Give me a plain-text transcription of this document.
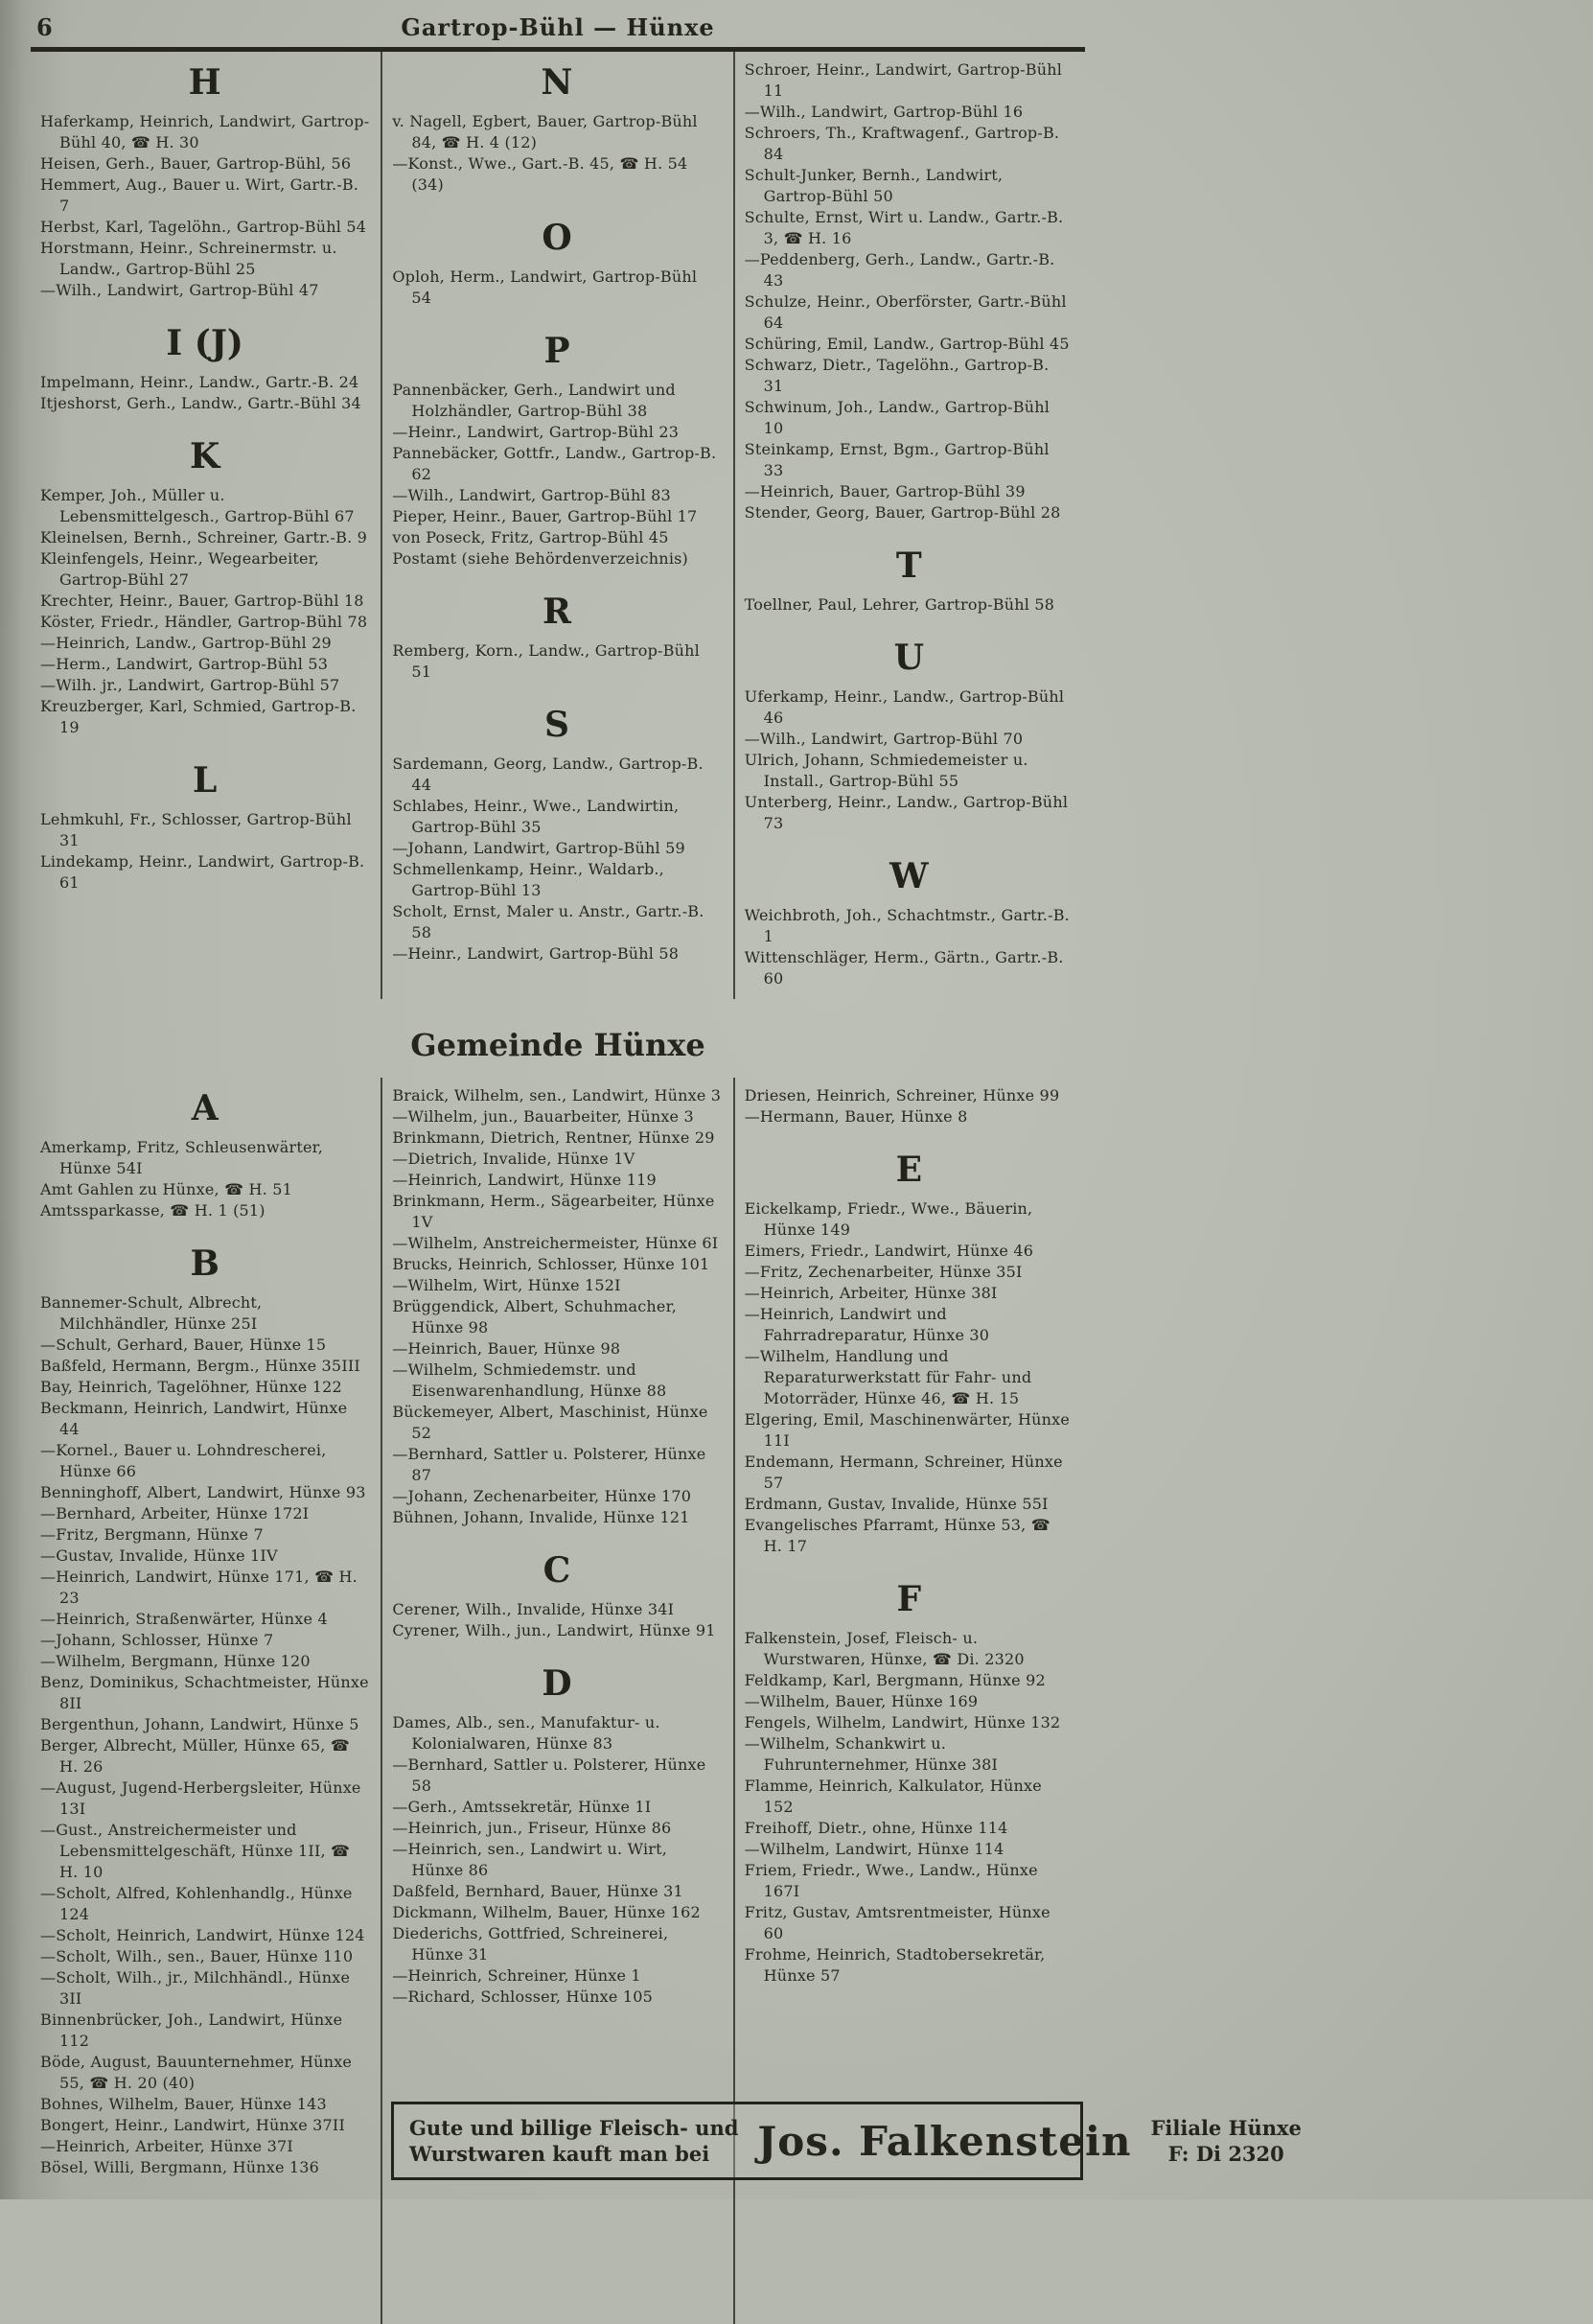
6	Gartrop-Bühl — Hünxe
H
Haferkamp, Heinrich, Landwirt, Gartrop-Bühl 40, ☎ H. 30
Heisen, Gerh., Bauer, Gartrop-Bühl, 56
Hemmert, Aug., Bauer u. Wirt, Gartr.-B. 7
Herbst, Karl, Tagelöhn., Gartrop-Bühl 54
Horstmann, Heinr., Schreinermstr. u. Landw., Gartrop-Bühl 25
—Wilh., Landwirt, Gartrop-Bühl 47
I (J)
Impelmann, Heinr., Landw., Gartr.-B. 24
Itjeshorst, Gerh., Landw., Gartr.-Bühl 34
K
Kemper, Joh., Müller u. Lebensmittelgesch., Gartrop-Bühl 67
Kleinelsen, Bernh., Schreiner, Gartr.-B. 9
Kleinfengels, Heinr., Wegearbeiter, Gartrop-Bühl 27
Krechter, Heinr., Bauer, Gartrop-Bühl 18
Köster, Friedr., Händler, Gartrop-Bühl 78
—Heinrich, Landw., Gartrop-Bühl 29
—Herm., Landwirt, Gartrop-Bühl 53
—Wilh. jr., Landwirt, Gartrop-Bühl 57
Kreuzberger, Karl, Schmied, Gartrop-B. 19
L
Lehmkuhl, Fr., Schlosser, Gartrop-Bühl 31
Lindekamp, Heinr., Landwirt, Gartrop-B. 61
N
v. Nagell, Egbert, Bauer, Gartrop-Bühl 84, ☎ H. 4 (12)
—Konst., Wwe., Gart.-B. 45, ☎ H. 54 (34)
O
Oploh, Herm., Landwirt, Gartrop-Bühl 54
P
Pannenbäcker, Gerh., Landwirt und Holzhändler, Gartrop-Bühl 38
—Heinr., Landwirt, Gartrop-Bühl 23
Pannebäcker, Gottfr., Landw., Gartrop-B. 62
—Wilh., Landwirt, Gartrop-Bühl 83
Pieper, Heinr., Bauer, Gartrop-Bühl 17
von Poseck, Fritz, Gartrop-Bühl 45
Postamt (siehe Behördenverzeichnis)
R
Remberg, Korn., Landw., Gartrop-Bühl 51
S
Sardemann, Georg, Landw., Gartrop-B. 44
Schlabes, Heinr., Wwe., Landwirtin, Gartrop-Bühl 35
—Johann, Landwirt, Gartrop-Bühl 59
Schmellenkamp, Heinr., Waldarb., Gartrop-Bühl 13
Scholt, Ernst, Maler u. Anstr., Gartr.-B. 58
—Heinr., Landwirt, Gartrop-Bühl 58
Schroer, Heinr., Landwirt, Gartrop-Bühl 11
—Wilh., Landwirt, Gartrop-Bühl 16
Schroers, Th., Kraftwagenf., Gartrop-B. 84
Schult-Junker, Bernh., Landwirt, Gartrop-Bühl 50
Schulte, Ernst, Wirt u. Landw., Gartr.-B. 3, ☎ H. 16
—Peddenberg, Gerh., Landw., Gartr.-B. 43
Schulze, Heinr., Oberförster, Gartr.-Bühl 64
Schüring, Emil, Landw., Gartrop-Bühl 45
Schwarz, Dietr., Tagelöhn., Gartrop-B. 31
Schwinum, Joh., Landw., Gartrop-Bühl 10
Steinkamp, Ernst, Bgm., Gartrop-Bühl 33
—Heinrich, Bauer, Gartrop-Bühl 39
Stender, Georg, Bauer, Gartrop-Bühl 28
T
Toellner, Paul, Lehrer, Gartrop-Bühl 58
U
Uferkamp, Heinr., Landw., Gartrop-Bühl 46
—Wilh., Landwirt, Gartrop-Bühl 70
Ulrich, Johann, Schmiedemeister u. Install., Gartrop-Bühl 55
Unterberg, Heinr., Landw., Gartrop-Bühl 73
W
Weichbroth, Joh., Schachtmstr., Gartr.-B. 1
Wittenschläger, Herm., Gärtn., Gartr.-B. 60
Gemeinde Hünxe
A
Amerkamp, Fritz, Schleusenwärter, Hünxe 54I
Amt Gahlen zu Hünxe, ☎ H. 51
Amtssparkasse, ☎ H. 1 (51)
B
Bannemer-Schult, Albrecht, Milchhändler, Hünxe 25I
—Schult, Gerhard, Bauer, Hünxe 15
Baßfeld, Hermann, Bergm., Hünxe 35III
Bay, Heinrich, Tagelöhner, Hünxe 122
Beckmann, Heinrich, Landwirt, Hünxe 44
—Kornel., Bauer u. Lohndrescherei, Hünxe 66
Benninghoff, Albert, Landwirt, Hünxe 93
—Bernhard, Arbeiter, Hünxe 172I
—Fritz, Bergmann, Hünxe 7
—Gustav, Invalide, Hünxe 1IV
—Heinrich, Landwirt, Hünxe 171, ☎ H. 23
—Heinrich, Straßenwärter, Hünxe 4
—Johann, Schlosser, Hünxe 7
—Wilhelm, Bergmann, Hünxe 120
Benz, Dominikus, Schachtmeister, Hünxe 8II
Bergenthun, Johann, Landwirt, Hünxe 5
Berger, Albrecht, Müller, Hünxe 65, ☎ H. 26
—August, Jugend-Herbergsleiter, Hünxe 13I
—Gust., Anstreichermeister und Lebensmittelgeschäft, Hünxe 1II, ☎ H. 10
—Scholt, Alfred, Kohlenhandlg., Hünxe 124
—Scholt, Heinrich, Landwirt, Hünxe 124
—Scholt, Wilh., sen., Bauer, Hünxe 110
—Scholt, Wilh., jr., Milchhändl., Hünxe 3II
Binnenbrücker, Joh., Landwirt, Hünxe 112
Böde, August, Bauunternehmer, Hünxe 55, ☎ H. 20 (40)
Bohnes, Wilhelm, Bauer, Hünxe 143
Bongert, Heinr., Landwirt, Hünxe 37II
—Heinrich, Arbeiter, Hünxe 37I
Bösel, Willi, Bergmann, Hünxe 136
Braick, Wilhelm, sen., Landwirt, Hünxe 3
—Wilhelm, jun., Bauarbeiter, Hünxe 3
Brinkmann, Dietrich, Rentner, Hünxe 29
—Dietrich, Invalide, Hünxe 1V
—Heinrich, Landwirt, Hünxe 119
Brinkmann, Herm., Sägearbeiter, Hünxe 1V
—Wilhelm, Anstreichermeister, Hünxe 6I
Brucks, Heinrich, Schlosser, Hünxe 101
—Wilhelm, Wirt, Hünxe 152I
Brüggendick, Albert, Schuhmacher, Hünxe 98
—Heinrich, Bauer, Hünxe 98
—Wilhelm, Schmiedemstr. und Eisenwarenhandlung, Hünxe 88
Bückemeyer, Albert, Maschinist, Hünxe 52
—Bernhard, Sattler u. Polsterer, Hünxe 87
—Johann, Zechenarbeiter, Hünxe 170
Bühnen, Johann, Invalide, Hünxe 121
C
Cerener, Wilh., Invalide, Hünxe 34I
Cyrener, Wilh., jun., Landwirt, Hünxe 91
D
Dames, Alb., sen., Manufaktur- u. Kolonialwaren, Hünxe 83
—Bernhard, Sattler u. Polsterer, Hünxe 58
—Gerh., Amtssekretär, Hünxe 1I
—Heinrich, jun., Friseur, Hünxe 86
—Heinrich, sen., Landwirt u. Wirt, Hünxe 86
Daßfeld, Bernhard, Bauer, Hünxe 31
Dickmann, Wilhelm, Bauer, Hünxe 162
Diederichs, Gottfried, Schreinerei, Hünxe 31
—Heinrich, Schreiner, Hünxe 1
—Richard, Schlosser, Hünxe 105
Driesen, Heinrich, Schreiner, Hünxe 99
—Hermann, Bauer, Hünxe 8
E
Eickelkamp, Friedr., Wwe., Bäuerin, Hünxe 149
Eimers, Friedr., Landwirt, Hünxe 46
—Fritz, Zechenarbeiter, Hünxe 35I
—Heinrich, Arbeiter, Hünxe 38I
—Heinrich, Landwirt und Fahrradreparatur, Hünxe 30
—Wilhelm, Handlung und Reparaturwerkstatt für Fahr- und Motorräder, Hünxe 46, ☎ H. 15
Elgering, Emil, Maschinenwärter, Hünxe 11I
Endemann, Hermann, Schreiner, Hünxe 57
Erdmann, Gustav, Invalide, Hünxe 55I
Evangelisches Pfarramt, Hünxe 53, ☎ H. 17
F
Falkenstein, Josef, Fleisch- u. Wurstwaren, Hünxe, ☎ Di. 2320
Feldkamp, Karl, Bergmann, Hünxe 92
—Wilhelm, Bauer, Hünxe 169
Fengels, Wilhelm, Landwirt, Hünxe 132
—Wilhelm, Schankwirt u. Fuhrunternehmer, Hünxe 38I
Flamme, Heinrich, Kalkulator, Hünxe 152
Freihoff, Dietr., ohne, Hünxe 114
—Wilhelm, Landwirt, Hünxe 114
Friem, Friedr., Wwe., Landw., Hünxe 167I
Fritz, Gustav, Amtsrentmeister, Hünxe 60
Frohme, Heinrich, Stadtobersekretär, Hünxe 57
Gute und billige Fleisch- und
Wurstwaren kauft man bei	Jos. Falkenstein Filiale Hünxe
F: Di 2320
